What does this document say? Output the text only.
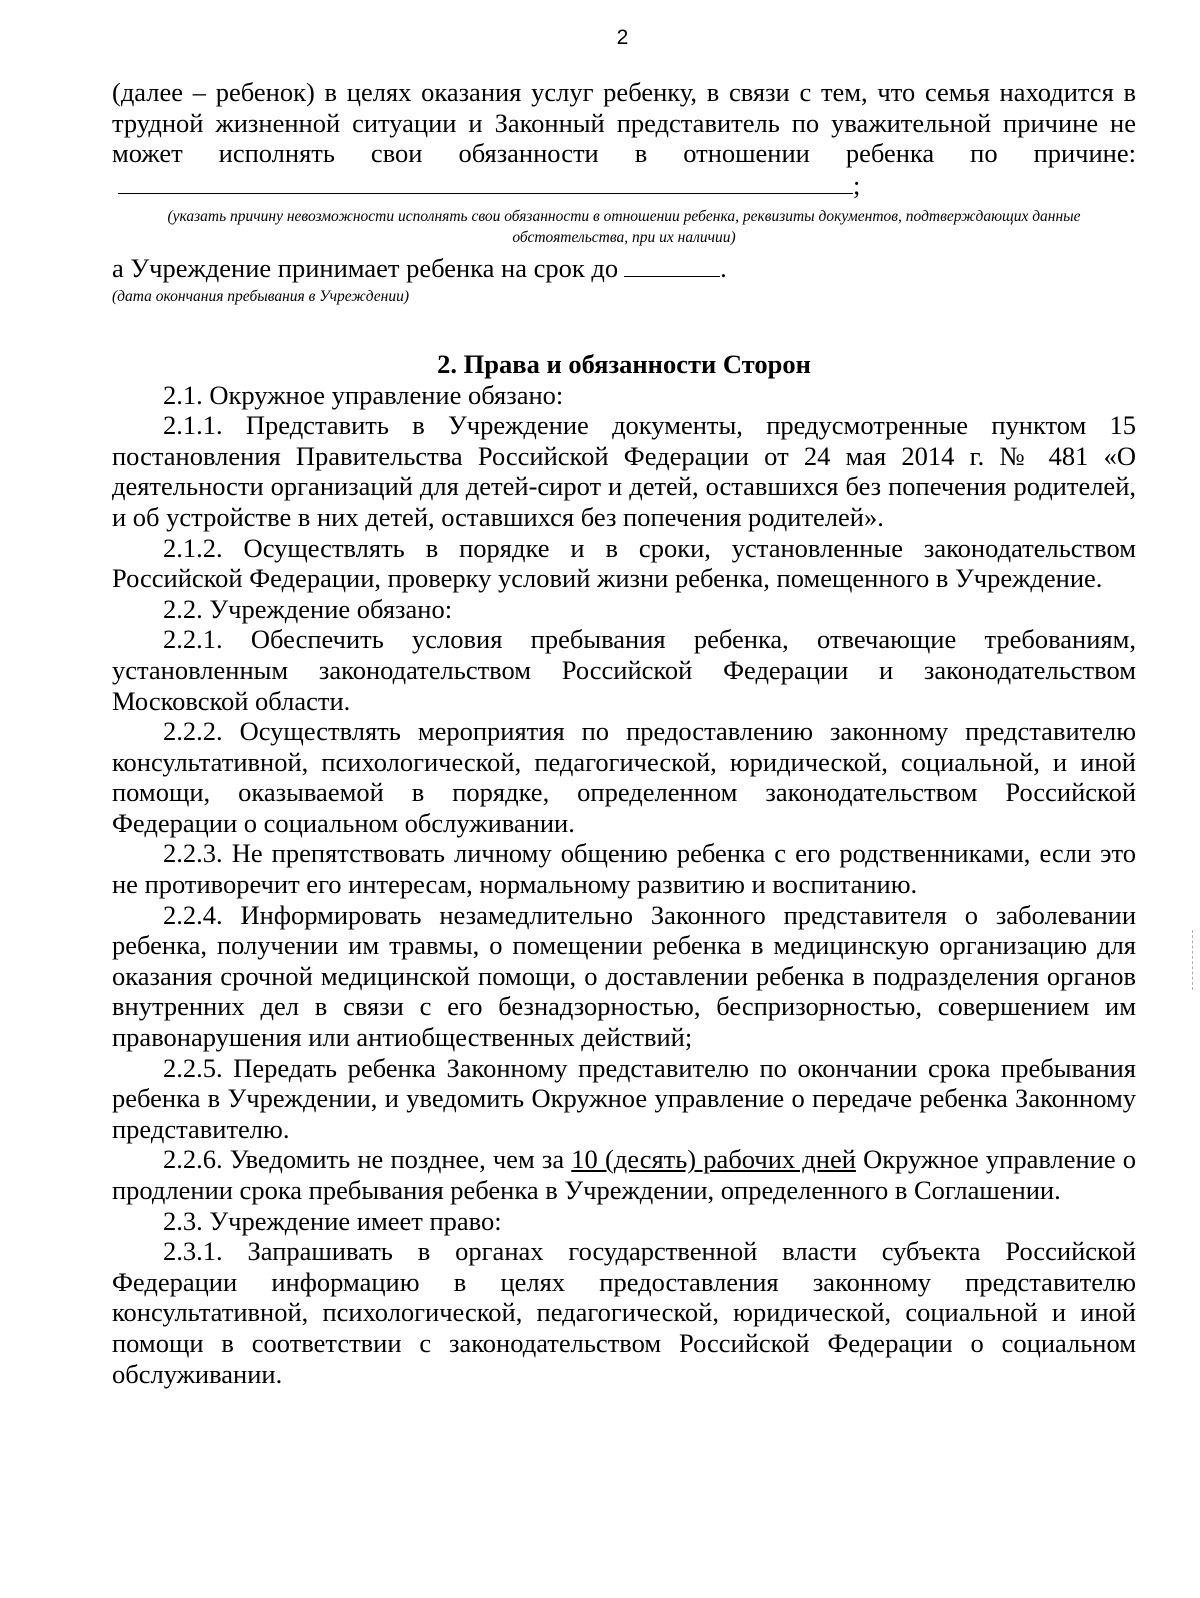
2

(далее – ребенок) в целях оказания услуг ребенку, в связи с тем, что семья находится в трудной жизненной ситуации и Законный представитель по уважительной причине не может исполнять свои обязанности в отношении ребенка по причине:;

(указать причину невозможности исполнять свои обязанности в отношении ребенка, реквизиты документов, подтверждающих данные обстоятельства, при их наличии)

а Учреждение принимает ребенка на срок до	.

(дата окончания пребывания в Учреждении)

2. Права и обязанности Сторон

2.1. Окружное управление обязано:

2.1.1. Представить в Учреждение документы, предусмотренные пунктом 15 постановления Правительства Российской Федерации от 24 мая 2014 г. № 481 «О деятельности организаций для детей-сирот и детей, оставшихся без попечения родителей, и об устройстве в них детей, оставшихся без попечения родителей».

2.1.2. Осуществлять в порядке и в сроки, установленные законодательством Российской Федерации, проверку условий жизни ребенка, помещенного в Учреждение.

2.2. Учреждение обязано:

2.2.1. Обеспечить условия пребывания ребенка, отвечающие требованиям, установленным законодательством Российской Федерации и законодательством Московской области.

2.2.2. Осуществлять мероприятия по предоставлению законному представителю консультативной, психологической, педагогической, юридической, социальной, и иной помощи, оказываемой в порядке, определенном законодательством Российской Федерации о социальном обслуживании.

2.2.3. Не препятствовать личному общению ребенка с его родственниками, если это не противоречит его интересам, нормальному развитию и воспитанию.

2.2.4. Информировать незамедлительно Законного представителя о заболевании ребенка, получении им травмы, о помещении ребенка в медицинскую организацию для оказания срочной медицинской помощи, о доставлении ребенка в подразделения органов внутренних дел в связи с его безнадзорностью, беспризорностью, совершением им правонарушения или антиобщественных действий;

2.2.5. Передать ребенка Законному представителю по окончании срока пребывания ребенка в Учреждении, и уведомить Окружное управление о передаче ребенка Законному представителю.

2.2.6. Уведомить не позднее, чем за 10 (десять) рабочих дней Окружное управление о продлении срока пребывания ребенка в Учреждении, определенного в Соглашении.

2.3. Учреждение имеет право:

2.3.1. Запрашивать в органах государственной власти субъекта Российской Федерации информацию в целях предоставления законному представителю консультативной, психологической, педагогической, юридической, социальной и иной помощи в соответствии с законодательством Российской Федерации о социальном обслуживании.
